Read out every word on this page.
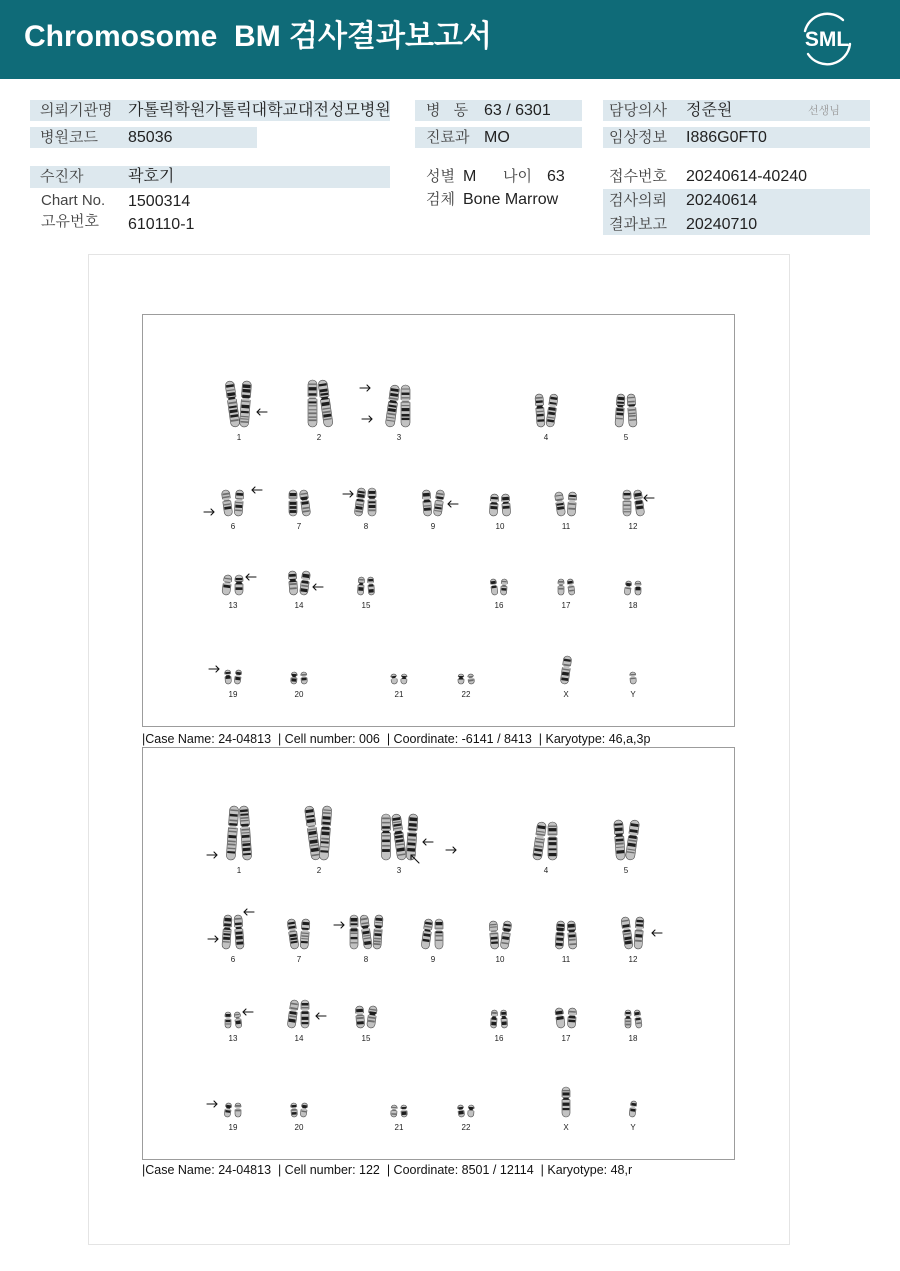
Chromosome  BM 검사결과보고서	SML
의뢰기관명 가톨릭학원가톨릭대학교대전성모병원
병원코드 85036
수진자	곽호기
Chart No. 1500314
고유번호 610110-1
병 동 63 / 6301
진료과 MO
성별 M 나이 63
검체 Bone Marrow
담당의사 정준원	선생님
임상정보 I886G0FT0
접수번호 20240614-40240
검사의뢰 20240614
결과보고 20240710
1	2	3	4	5
6	7	8	9	10	11	12
13	14	15	16	17	18
19	20	21	22	X	Y
|Case Name: 24-04813  | Cell number: 006  | Coordinate: -6141 / 8413  | Karyotype: 46,a,3p
1	2	3	4	5
6	7	8	9	10	11	12
13	14	15	16	17	18
19	20	21	22	X	Y
|Case Name: 24-04813  | Cell number: 122  | Coordinate: 8501 / 12114  | Karyotype: 48,r
